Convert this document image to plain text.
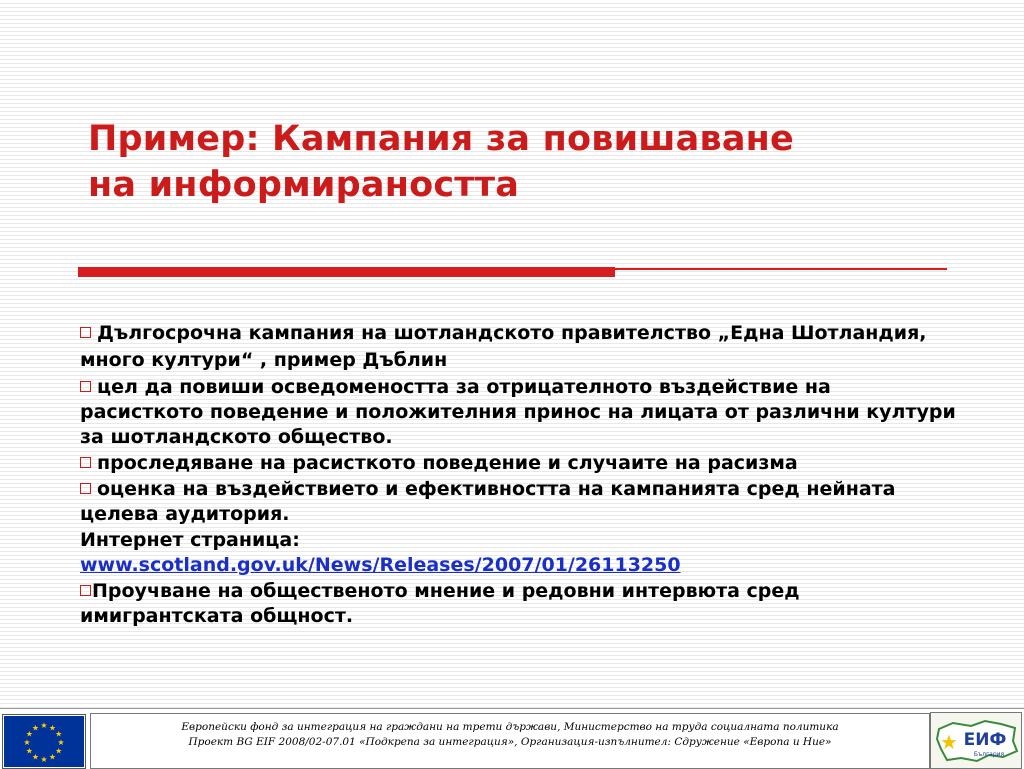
Пример: Кампания за повишаване
на информираността
Дългосрочна кампания на шотландското правителство „Една Шотландия, много култури“ , пример Дъблин
цел да повиши осведомеността за отрицателното въздействие на расисткото поведение и положителния принос на лицата от различни култури за шотландското общество.
проследяване на расисткото поведение и случаите на расизма
оценка на въздействието и ефективността на кампанията сред нейната целева аудитория.
Интернет страница:
www.scotland.gov.uk/News/Releases/2007/01/26113250
Проучване на общественото мнение и редовни интервюта сред имигрантската общност.
★ ★
★
★
★
★
★
★
★
★
★
★	Европейски фонд за интеграция на граждани на трети държави, Министерство на труда социалната политика
Проект BG EIF 2008/02-07.01 «Подкрепа за интеграция», Организация-изпълнител: Сдружение «Европа и Ние»	★ ЕИФ
България
